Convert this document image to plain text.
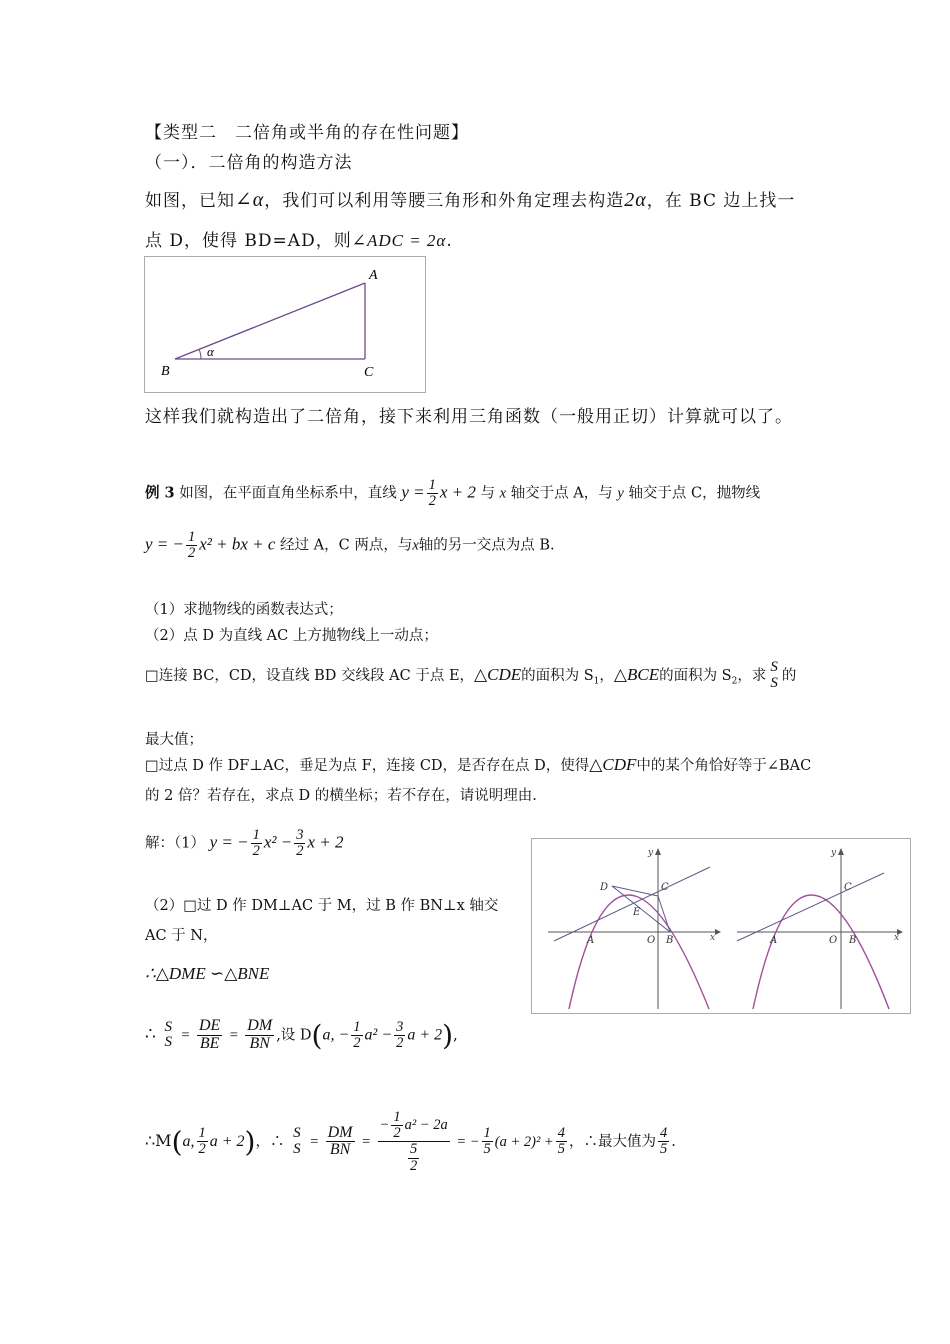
【类型二　二倍角或半角的存在性问题】
（一）．二倍角的构造方法
如图，已知∠α，我们可以利用等腰三角形和外角定理去构造2α，在 BC 边上找一
点 D，使得 BD=AD，则∠ADC = 2α.
A
B	C
α
这样我们就构造出了二倍角，接下来利用三角函数（一般用正切）计算就可以了。
例 3 如图，在平面直角坐标系中，直线 $y = \frac{1}{2}$ x + 2 与 x 轴交于点 A，与 y 轴交于点 C，抛物线
y = − $\frac{1}{2} x^2$ + bx + c 经过 A，C 两点，与x轴的另一交点为点 B.
（1）求抛物线的函数表达式；
（2）点 D 为直线 AC 上方抛物线上一动点；
□连接 BC，CD，设直线 BD 交线段 AC 于点 E，△CDE的面积为 $S_1$，△BCE的面积为 $S_2$，求
S
S 的
最大值；
□过点 D 作 DF⊥AC，垂足为点 F，连接 CD，是否存在点 D，使得△CDF中的某个角恰好等于∠BAC
的 2 倍？若存在，求点 D 的横坐标；若不存在，请说明理由.
解：（1） y = − $\frac{1}{2} x^2 - \frac{3}{2}$ x + 2
（2）□过 D 作 DM⊥AC 于 M，过 B 作 BN⊥x 轴交
AC 于 N，
∴△DME ∽△BNE
∴ S
$S = \frac{DE}{BE} = \frac{DM}{BN}$ ,设 D(a, − $\frac{1}{2} a^2 - \frac{3}{2}$ a + 2),
∴M(a, $\frac{1}{2}$ a + 2)，∴
S
$S = \frac{DM}{BN} = \frac{- \frac{1}{2} a^2 - 2a}{\frac{5}{2}}$ = − $\frac{1}{5} (a + 2)^2 + \frac{4}{5}$ ，∴最大值为 $\frac{4}{5}$ .
x
y
A	O B
C
D
E
x
y
A	O B
C
